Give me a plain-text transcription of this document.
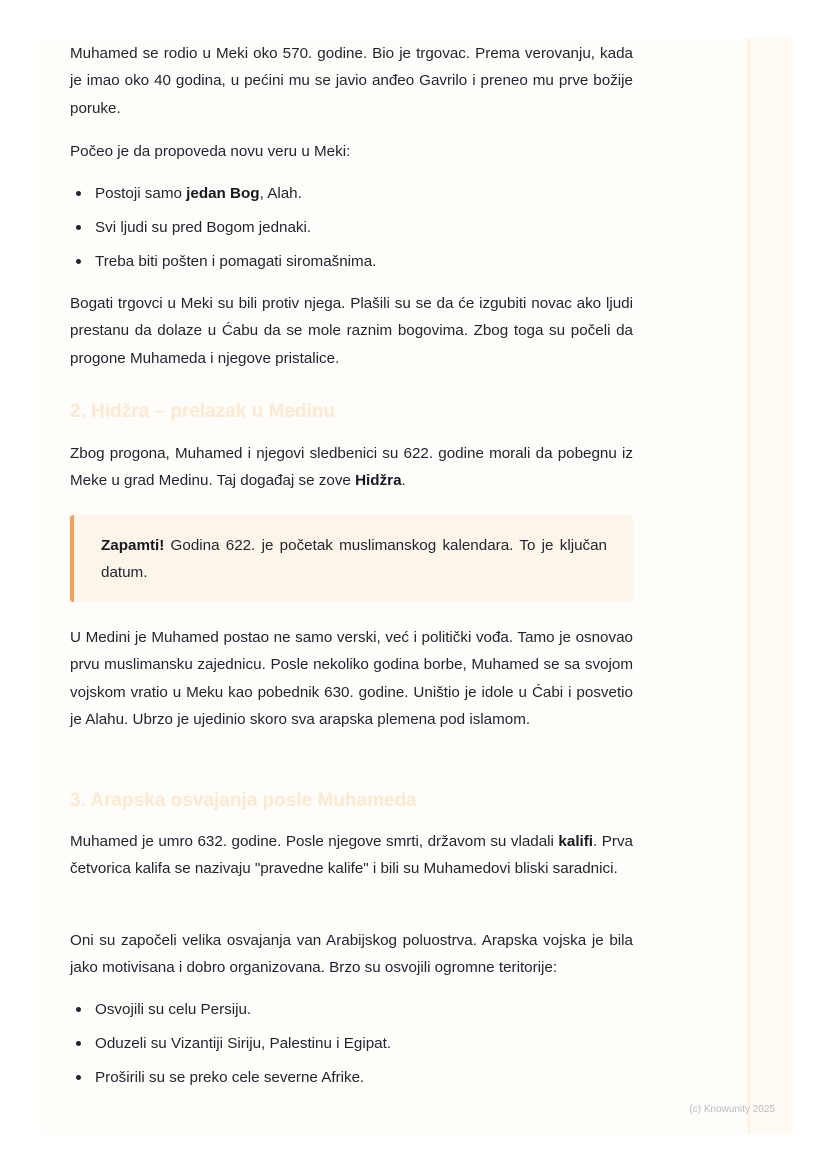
Muhamed se rodio u Meki oko 570. godine. Bio je trgovac. Prema verovanju, kada je imao oko 40 godina, u pećini mu se javio anđeo Gavrilo i preneo mu prve božije poruke.

Počeo je da propoveda novu veru u Meki:

Postoji samo jedan Bog, Alah.
Svi ljudi su pred Bogom jednaki.
Treba biti pošten i pomagati siromašnima.

Bogati trgovci u Meki su bili protiv njega. Plašili su se da će izgubiti novac ako ljudi prestanu da dolaze u Ćabu da se mole raznim bogovima. Zbog toga su počeli da progone Muhameda i njegove pristalice.

2. Hidžra – prelazak u Medinu

Zbog progona, Muhamed i njegovi sledbenici su 622. godine morali da pobegnu iz Meke u grad Medinu. Taj događaj se zove Hidžra.

Zapamti! Godina 622. je početak muslimanskog kalendara. To je ključan datum.

U Medini je Muhamed postao ne samo verski, već i politički vođa. Tamo je osnovao prvu muslimansku zajednicu. Posle nekoliko godina borbe, Muhamed se sa svojom vojskom vratio u Meku kao pobednik 630. godine. Uništio je idole u Ćabi i posvetio je Alahu. Ubrzo je ujedinio skoro sva arapska plemena pod islamom.

3. Arapska osvajanja posle Muhameda

Muhamed je umro 632. godine. Posle njegove smrti, državom su vladali kalifi. Prva četvorica kalifa se nazivaju "pravedne kalife" i bili su Muhamedovi bliski saradnici.

Oni su započeli velika osvajanja van Arabijskog poluostrva. Arapska vojska je bila jako motivisana i dobro organizovana. Brzo su osvojili ogromne teritorije:

Osvojili su celu Persiju.
Oduzeli su Vizantiji Siriju, Palestinu i Egipat.
Proširili su se preko cele severne Afrike.
(c) Knowunity 2025
